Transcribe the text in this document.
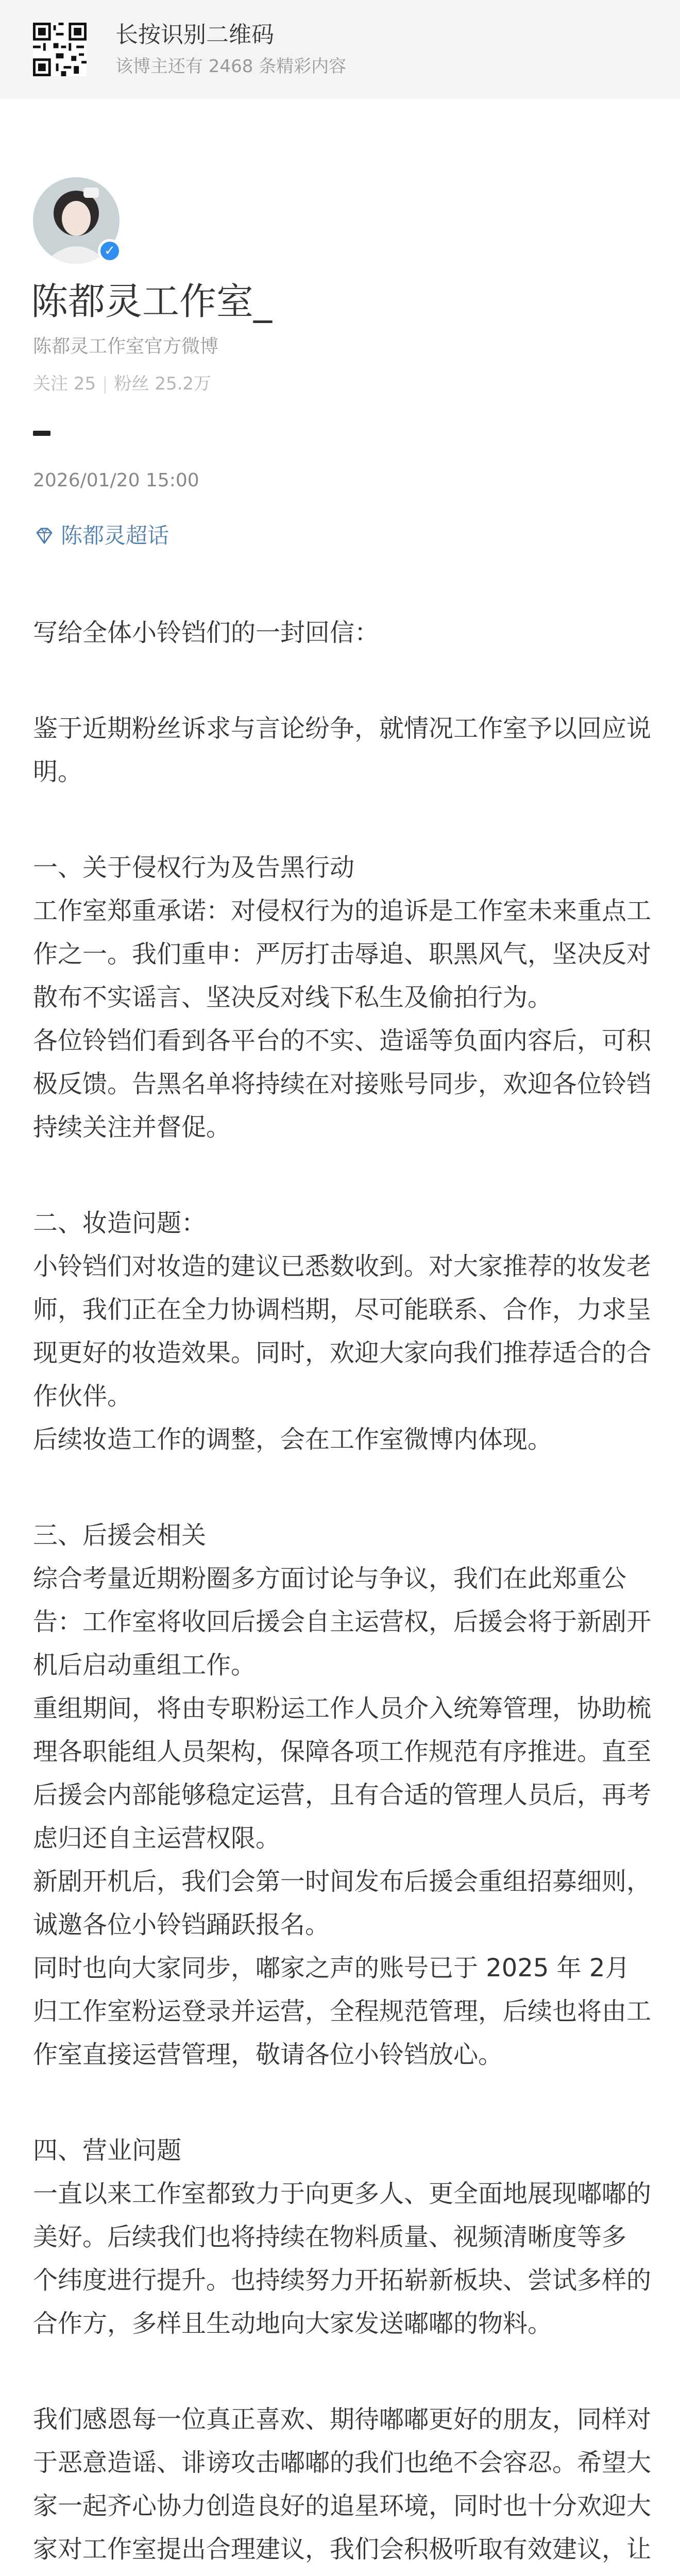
长按识别二维码
该博主还有 2468 条精彩内容
✓
陈都灵工作室_
陈都灵工作室官方微博
关注 25 | 粉丝 25.2万
2026/01/20 15:00
陈都灵超话

写给全体小铃铛们的一封回信：

鉴于近期粉丝诉求与言论纷争，就情况工作室予以回应说明。

一、关于侵权行为及告黑行动

工作室郑重承诺：对侵权行为的追诉是工作室未来重点工作之一。我们重申：严厉打击辱追、职黑风气，坚决反对散布不实谣言、坚决反对线下私生及偷拍行为。

各位铃铛们看到各平台的不实、造谣等负面内容后，可积极反馈。告黑名单将持续在对接账号同步，欢迎各位铃铛持续关注并督促。

二、妆造问题：

小铃铛们对妆造的建议已悉数收到。对大家推荐的妆发老师，我们正在全力协调档期，尽可能联系、合作，力求呈现更好的妆造效果。同时，欢迎大家向我们推荐适合的合作伙伴。

后续妆造工作的调整，会在工作室微博内体现。

三、后援会相关

综合考量近期粉圈多方面讨论与争议，我们在此郑重公告：工作室将收回后援会自主运营权，后援会将于新剧开机后启动重组工作。

重组期间，将由专职粉运工作人员介入统筹管理，协助梳理各职能组人员架构，保障各项工作规范有序推进。直至后援会内部能够稳定运营，且有合适的管理人员后，再考虑归还自主运营权限。

新剧开机后，我们会第一时间发布后援会重组招募细则，诚邀各位小铃铛踊跃报名。

同时也向大家同步，嘟家之声的账号已于 2025 年 2月归工作室粉运登录并运营，全程规范管理，后续也将由工作室直接运营管理，敬请各位小铃铛放心。

四、营业问题

一直以来工作室都致力于向更多人、更全面地展现嘟嘟的美好。后续我们也将持续在物料质量、视频清晰度等多个纬度进行提升。也持续努力开拓崭新板块、尝试多样的合作方，多样且生动地向大家发送嘟嘟的物料。

我们感恩每一位真正喜欢、期待嘟嘟更好的朋友，同样对于恶意造谣、诽谤攻击嘟嘟的我们也绝不会容忍。希望大家一起齐心协力创造良好的追星环境，同时也十分欢迎大家对工作室提出合理建议，我们会积极听取有效建议，让
